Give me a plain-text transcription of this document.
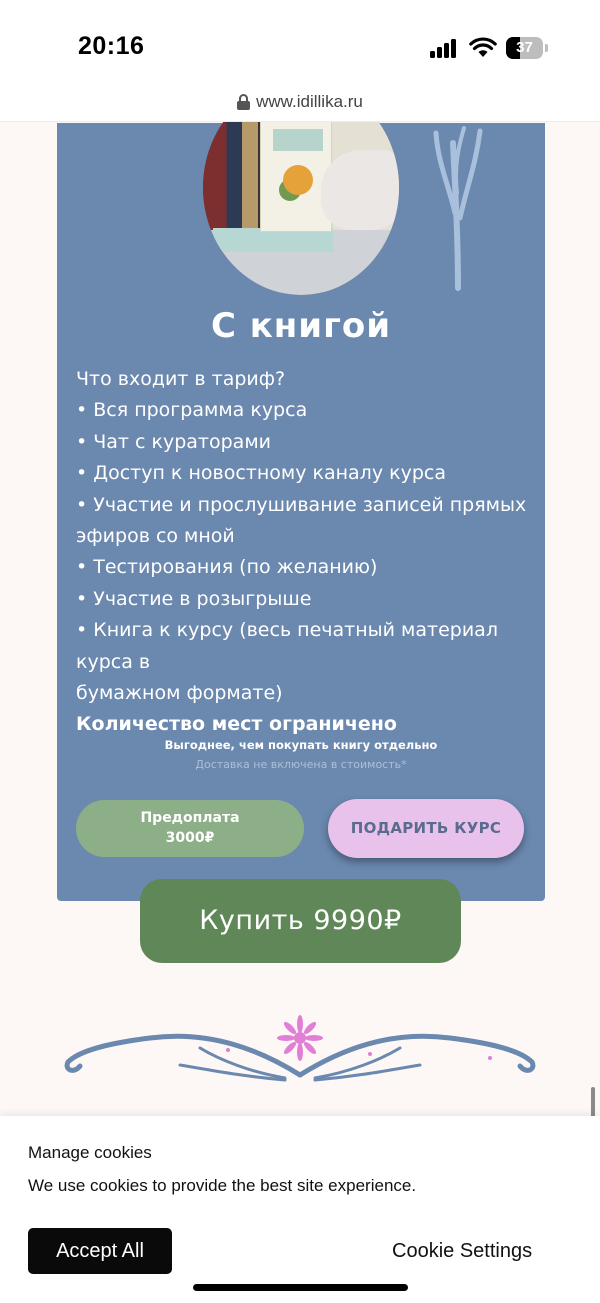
20:16	37
www.idillika.ru
С книгой
Что входит в тариф?
• Вся программа курса
• Чат с кураторами
• Доступ к новостному каналу курса
• Участие и прослушивание записей прямых
эфиров со мной
• Тестирования (по желанию)
• Участие в розыгрыше
• Книга к курсу (весь печатный материал курса в
бумажном формате)
Количество мест ограничено
Выгоднее, чем покупать книгу отдельно
Доставка не включена в стоимость*
Предоплата
3000₽
ПОДАРИТЬ КУРС
Купить 9990₽
Manage cookies
We use cookies to provide the best site experience.
Accept All	Cookie Settings
